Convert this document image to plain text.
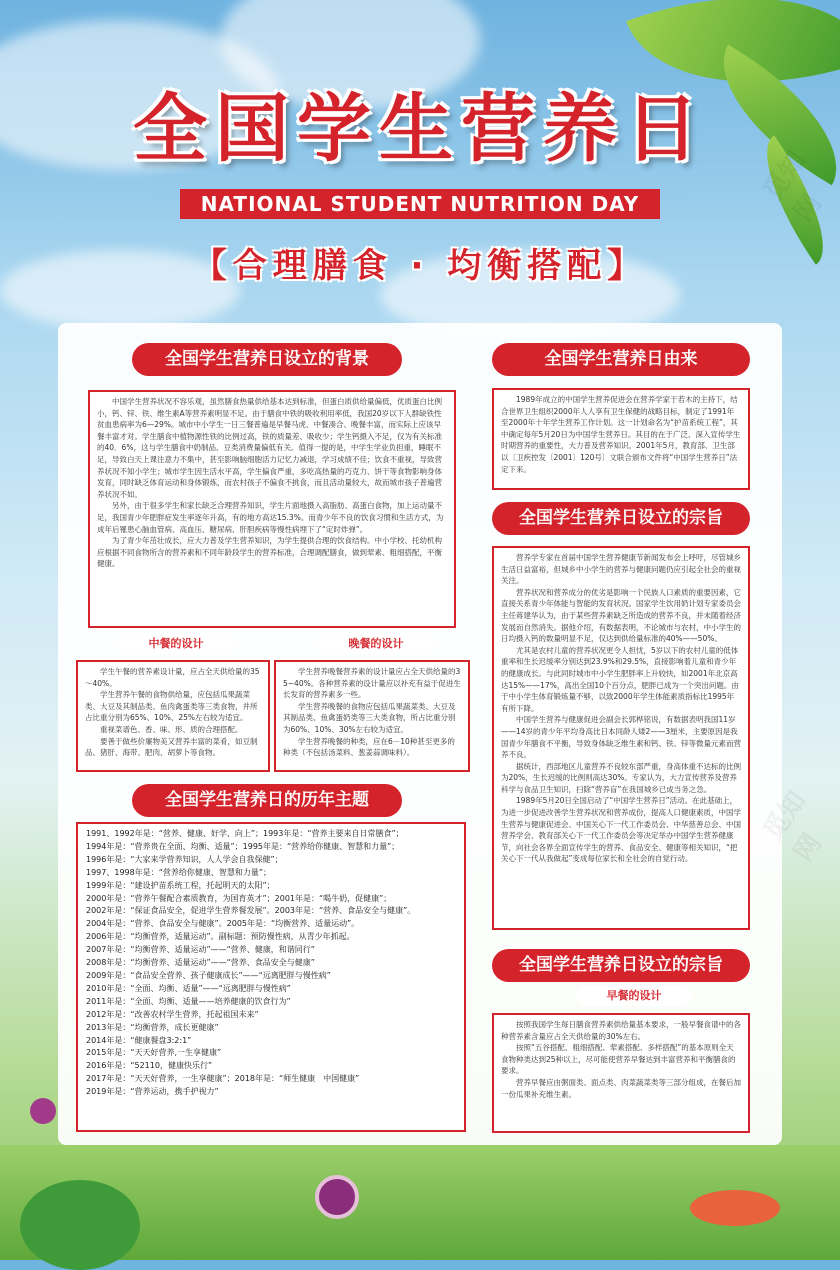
全国学生营养日
NATIONAL STUDENT NUTRITION DAY
【合理膳食 · 均衡搭配】
全国学生营养日设立的背景

中国学生营养状况不容乐观，虽然膳食热量供给基本达到标准，但蛋白质供给量偏低，优质蛋白比例小，钙、锌、铁、维生素A等营养素明显不足。由于膳食中铁的吸收利用率低，我国20岁以下人群缺铁性贫血患病率为6—29%。城市中小学生一日三餐普遍是早餐马虎、中餐凑合、晚餐丰富，而实际上应该早餐丰富才对。学生膳食中植物源性铁的比例过高，铁的质量差、吸收少；学生钙摄入不足，仅为有关标准的40．6%，这与学生膳食中奶制品、豆类消费量偏低有关。值得一提的是，中学生学业负担重，睡眠不足，导致白天上课注意力不集中，甚至影响脑细胞活力记忆力减退，学习成绩不佳；饮食不重视，导致营养状况不知小学生；城市学生因生活水平高，学生偏食严重，多吃高热量的巧克力、饼干等食物影响身体发育，同时缺乏体育运动和身体锻炼，而农村孩子不偏食不挑食，而且活动量较大，故而城市孩子普遍营养状况不如。

另外，由于很多学生和家长缺乏合理营养知识，学生片面地摄入高脂肪、高蛋白食物，加上运动量不足，我国青少年肥胖症发生率逐年升高，有的地方高达15.3%。而青少年不良的饮食习惯和生活方式，为成年后罹患心脑血管病、高血压、糖尿病、肝胆疾病等慢性病埋下了“定时炸弹”。

为了青少年茁壮成长，应大力普及学生营养知识，为学生提供合理的饮食结构。中小学校、托幼机构应根据不同食物所含的营养素和不同年龄段学生的营养标准，合理调配膳食，做到荤素、粗细搭配，平衡健康。

中餐的设计	晚餐的设计

学生午餐的营养素设计量，应占全天供给量的35～40%。

学生营养午餐的食物供给量，应包括瓜果蔬菜类、大豆及其制品类、鱼肉禽蛋类等三类食物，并所占比重分别为65%、10%、25%左右较为适宜。

重视菜谱色、香、味、形、质的合理搭配。

要善于做些价廉物美又营养丰富的菜肴，如豆制品、猪肝、海带、肥肉、胡萝卜等食物。

学生营养晚餐营养素的设计量应占全天供给量的35~40%。各种营养素的设计量应以补充有益于促进生长发育的营养素多一些。

学生营养晚餐的食物应包括瓜果蔬菜类、大豆及其制品类、鱼禽蛋奶类等三大类食物，所占比重分别为60%、10%、30%左右较为适宜。

学生营养晚餐的种类，应在6－10种甚至更多的种类（不包括汤菜料、葱姜蒜调味料）。

全国学生营养日的历年主题
1991、1992年是：“营养、健康、好学、向上”；1993年是：“营养主要来自日常膳食”；
1994年是：“营养贵在全面、均衡、适量”；1995年是：“营养给你健康、智慧和力量”；
1996年是：“大家来学营养知识，人人学会自我保健”；
1997、1998年是：“营养给你健康、智慧和力量”；
1999年是：“建设护苗系统工程，托起明天的太阳”；
2000年是：“营养午餐配合素质教育，为国育英才”；2001年是：“喝牛奶，促健康”；
2002年是：“保证食品安全，促进学生营养餐发展”。2003年是：“营养、食品安全与健康”。
2004年是：“营养、食品安全与健康”。2005年是：“均衡营养、适量运动”。
2006年是：“均衡营养，适量运动”。副标题：预防慢性病，从青少年抓起。
2007年是：“均衡营养、适量运动”——“营养、健康，和谐同行”
2008年是：“均衡营养、适量运动”——“营养、食品安全与健康”
2009年是：“食品安全营养、孩子健康成长”——“远离肥胖与慢性病”
2010年是：“全面、均衡、适量”——“远离肥胖与慢性病”
2011年是：“全面、均衡、适量——培养健康的饮食行为”
2012年是：“改善农村学生营养，托起祖国未来”
2013年是：“均衡营养，成长更健康”
2014年是：“健康餐盘3:2:1”
2015年是：“天天好营养,一生享健康”
2016年是：“52110，健康快乐行”
2017年是：“天天好营养，一生享健康”；2018年是：“师生健康　中国健康”
2019年是：“营养运动，携手护视力”
全国学生营养日由来

1989年成立的中国学生营养促进会在营养学家于若木的主持下，结合世界卫生组织2000年人人享有卫生保健的战略目标，制定了1991年至2000年十年学生营养工作计划。这一计划命名为“护苗系统工程”，其中确定每年5月20日为中国学生营养日。其目的在于广泛、深入宣传学生时期营养的重要性，大力普及营养知识。2001年5月，教育部、卫生部以〔卫疾控发〔2001〕120号〕文联合颁布文件将“中国学生营养日”法定下来。

全国学生营养日设立的宗旨

营养学专家在首届中国学生营养健康节新闻发布会上呼吁，尽管城乡生活日益富裕，但城乡中小学生的营养与健康问题仍应引起全社会的重视关注。

营养状况和营养成分的优劣是影响一个民族人口素质的重要因素，它直接关系青少年体能与智能的发育状况。国家学生饮用奶计划专家委员会主任蒋建华认为，由于某些营养素缺乏所造成的营养不良，并未随着经济发展而自然消失。据他介绍，有数据表明，不论城市与农村，中小学生的日均摄入钙的数量明显不足，仅达到供给量标准的40%——50%。

尤其是农村儿童的营养状况更令人担忧，5岁以下的农村儿童的低体重率和生长迟缓率分别达到23.9%和29.5%，直接影响着儿童和青少年的健康成长。与此同时城市中小学生肥胖率上升较快，如2001年北京高达15%——17%，高出全国10个百分点，肥胖已成为一个突出问题。由于中小学生体育锻炼量不够，以致2000年学生体能素质指标比1995年有所下降。

中国学生营养与健康促进会副会长郭桦铭说，有数据表明我国11岁——14岁的青少年平均身高比日本同龄人矮2——3厘米，主要原因是我国青少年膳食不平衡，导致身体缺乏维生素和钙、铁、锌等微量元素而营养不良。

据统计，西部地区儿童营养不良较东部严重，身高体重不达标的比例为20%，生长迟缓的比例则高达30%。专家认为，大力宣传营养及营养科学与食品卫生知识，扫除“营养盲”在我国城乡已成当务之急。

1989年5月20日全国启动了“中国学生营养日”活动。在此基础上，为进一步促进改善学生营养状况和营养成份，提高人口健康素质，中国学生营养与健康促进会、中国关心下一代工作委员会、中华慈善总会、中国营养学会、教育部关心下一代工作委员会等决定举办中国学生营养健康节，向社会各界全面宣传学生的营养、食品安全、健康等相关知识，“把关心下一代从我做起”变成每位家长和全社会的自觉行动。

全国学生营养日设立的宗旨
早餐的设计

按照我国学生每日膳食营养素供给量基本要求，一般早餐食谱中的各种营养素含量应占全天供给量的30%左右。

按照“五谷搭配、粗细搭配、荤素搭配、多样搭配”的基本原则全天食物种类达到25种以上，尽可能使营养早餐达到丰富营养和平衡膳食的要求。

营养早餐应由粥面类、面点类、肉菜蔬菜类等三部分组成，在餐后加一份瓜果补充维生素。

觅知网
觅知网
